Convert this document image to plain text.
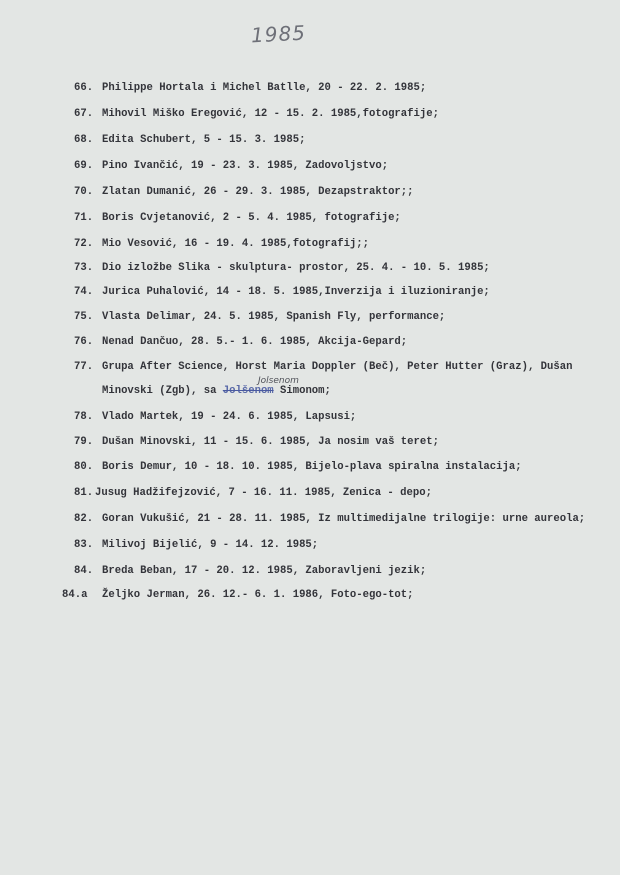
1985
66. Philippe Hortala i Michel Batlle, 20 - 22. 2. 1985;
67. Mihovil Miško Eregović, 12 - 15. 2. 1985,fotografije;
68. Edita Schubert, 5 - 15. 3. 1985;
69. Pino Ivančić, 19 - 23. 3. 1985, Zadovoljstvo;
70. Zlatan Dumanić, 26 - 29. 3. 1985, Dezapstraktor;;
71. Boris Cvjetanović, 2 - 5. 4. 1985, fotografije;
72. Mio Vesović, 16 - 19. 4. 1985,fotografij;;
73. Dio izložbe Slika - skulptura- prostor, 25. 4. - 10. 5. 1985;
74. Jurica Puhalović, 14 - 18. 5. 1985,Inverzija i iluzioniranje;
75. Vlasta Delimar, 24. 5. 1985, Spanish Fly, performance;
76. Nenad Dančuo, 28. 5.- 1. 6. 1985, Akcija-Gepard;
77. Grupa After Science, Horst Maria Doppler (Beč), Peter Hutter (Graz), Dušan
Minovski (Zgb), sa Jolšenom Simonom;
Jolsenom
78. Vlado Martek, 19 - 24. 6. 1985, Lapsusi;
79. Dušan Minovski, 11 - 15. 6. 1985, Ja nosim vaš teret;
80. Boris Demur, 10 - 18. 10. 1985, Bijelo-plava spiralna instalacija;
81. Jusug Hadžifejzović, 7 - 16. 11. 1985, Zenica - depo;
82. Goran Vukušić, 21 - 28. 11. 1985, Iz multimedijalne trilogije: urne aureola;
83. Milivoj Bijelić, 9 - 14. 12. 1985;
84. Breda Beban, 17 - 20. 12. 1985, Zaboravljeni jezik;
84.a Željko Jerman, 26. 12.- 6. 1. 1986, Foto-ego-tot;
